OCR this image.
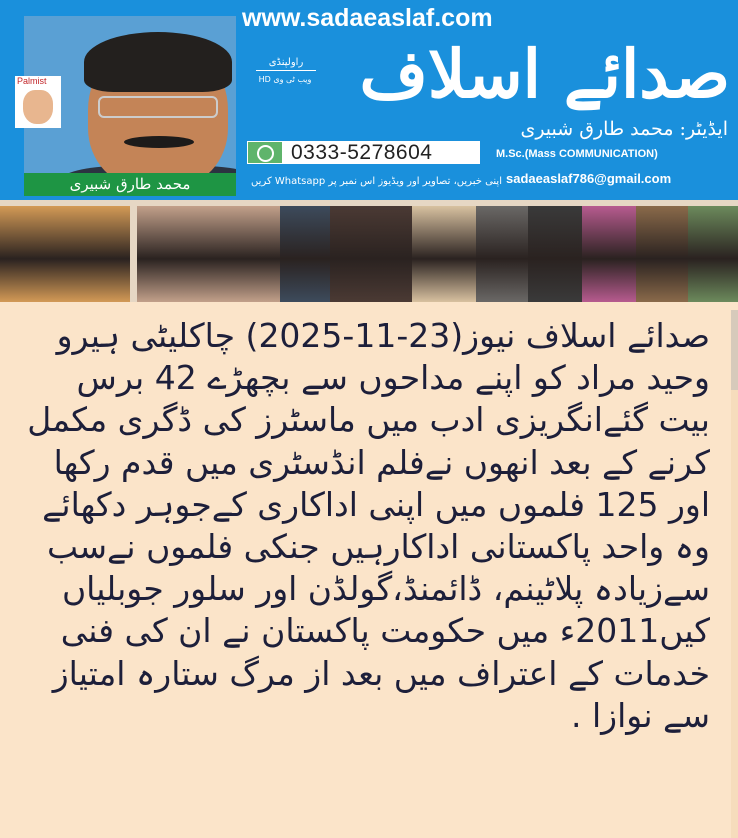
Palmist
محمد طارق شبیری
www.sadaeaslaf.com
صدائے اسلاف
راولپنڈی
ویب ٹی وی HD
ایڈیٹر: محمد طارق شبیری
0333-5278604	M.Sc.(Mass COMMUNICATION)
اپنی خبریں، تصاویر اور ویڈیوز اس نمبر پر Whatsapp کریں sadaeaslaf786@gmail.com
صدائے اسلاف نیوز(23-11-2025) چاکلیٹی ہیرو وحید مراد کو اپنے مداحوں سے بچھڑے 42 برس بیت گئےانگریزی ادب میں ماسٹرز کی ڈگری مکمل کرنے کے بعد انھوں نےفلم انڈسٹری میں قدم رکھا اور 125 فلموں میں اپنی اداکاری کےجوہر دکھائے وہ واحد پاکستانی اداکارہیں جنکی فلموں نےسب سےزیادہ پلاٹینم، ڈائمنڈ،گولڈن اور سلور جوبلیاں کیں2011ء میں حکومت پاکستان نے ان کی فنی خدمات کے اعتراف میں بعد از مرگ ستارہ امتیاز سے نوازا .
